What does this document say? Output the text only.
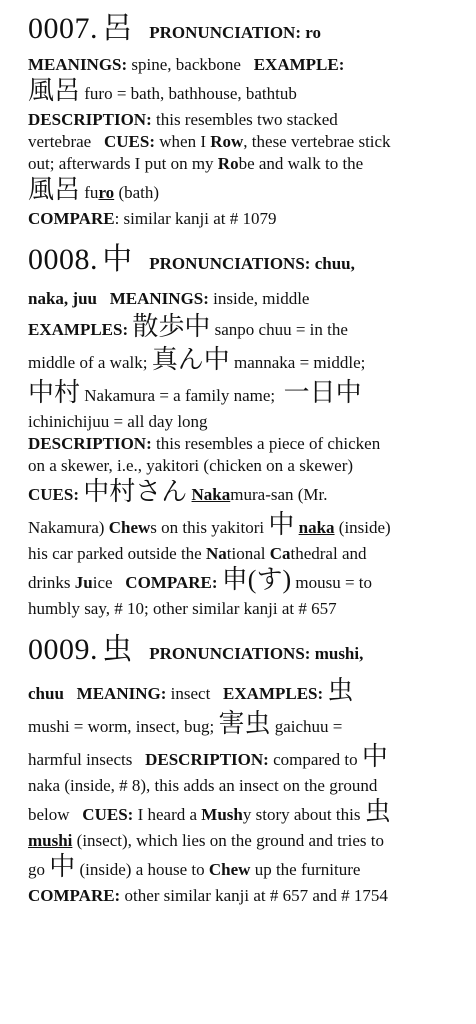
0007. 呂 PRONUNCIATION: ro
MEANINGS: spine, backbone EXAMPLE:
風呂 furo = bath, bathhouse, bathtub
DESCRIPTION: this resembles two stacked
vertebrae CUES: when I Row, these vertebrae stick
out; afterwards I put on my Robe and walk to the
風呂 furo (bath)
COMPARE: similar kanji at # 1079
0008. 中 PRONUNCIATIONS: chuu,
naka, juu MEANINGS: inside, middle
EXAMPLES: 散歩中 sanpo chuu = in the
middle of a walk; 真ん中 mannaka = middle;
中村 Nakamura = a family name; 一日中
ichinichijuu = all day long
DESCRIPTION: this resembles a piece of chicken
on a skewer, i.e., yakitori (chicken on a skewer)
CUES: 中村さん Nakamura-san (Mr.
Nakamura) Chews on this yakitori 中 naka (inside)
his car parked outside the National Cathedral and
drinks Juice COMPARE: 申(す) mousu = to
humbly say, # 10; other similar kanji at # 657
0009. 虫 PRONUNCIATIONS: mushi,
chuu MEANING: insect EXAMPLES: 虫
mushi = worm, insect, bug; 害虫 gaichuu =
harmful insects DESCRIPTION: compared to 中
naka (inside, # 8), this adds an insect on the ground
below CUES: I heard a Mushy story about this 虫
mushi (insect), which lies on the ground and tries to
go 中 (inside) a house to Chew up the furniture
COMPARE: other similar kanji at # 657 and # 1754
